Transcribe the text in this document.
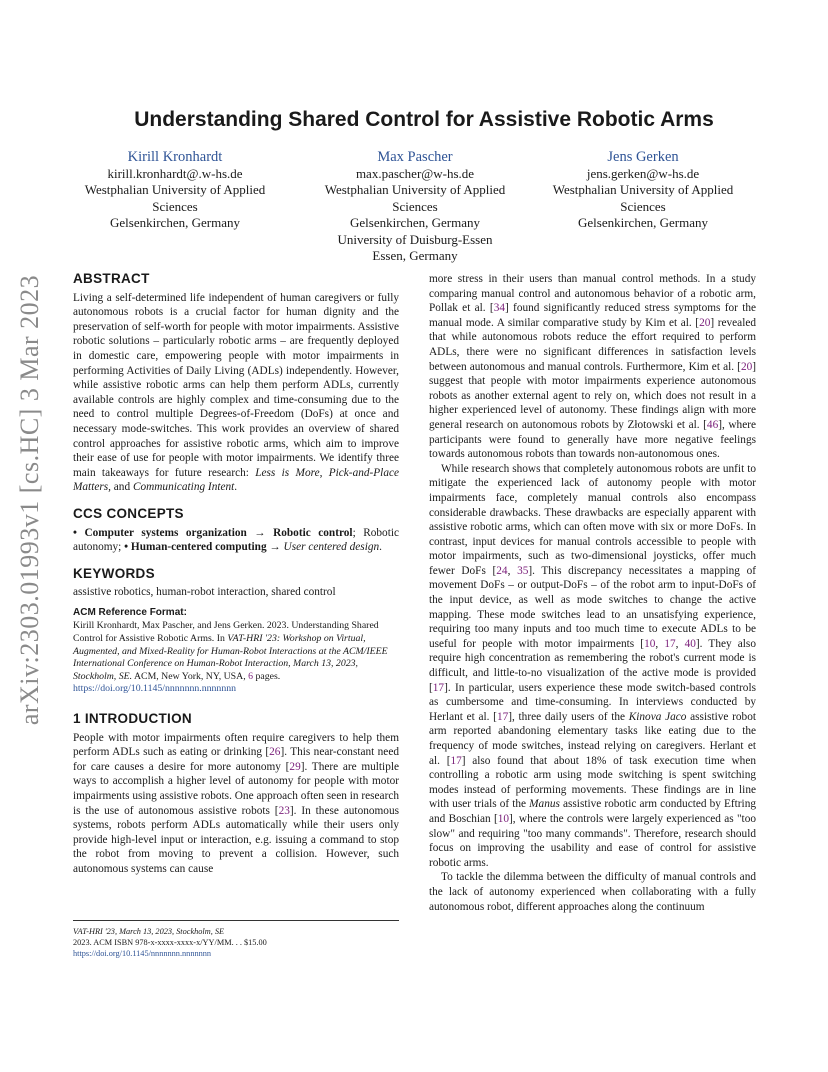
arXiv:2303.01993v1 [cs.HC] 3 Mar 2023
Understanding Shared Control for Assistive Robotic Arms
Kirill Kronhardt
kirill.kronhardt@.w-hs.de
Westphalian University of Applied
Sciences
Gelsenkirchen, Germany
Max Pascher
max.pascher@w-hs.de
Westphalian University of Applied
Sciences
Gelsenkirchen, Germany
University of Duisburg-Essen
Essen, Germany
Jens Gerken
jens.gerken@w-hs.de
Westphalian University of Applied
Sciences
Gelsenkirchen, Germany
ABSTRACT

Living a self-determined life independent of human caregivers or fully autonomous robots is a crucial factor for human dignity and the preservation of self-worth for people with motor impairments. Assistive robotic solutions – particularly robotic arms – are frequently deployed in domestic care, empowering people with motor impairments in performing Activities of Daily Living (ADLs) independently. However, while assistive robotic arms can help them perform ADLs, currently available controls are highly complex and time-consuming due to the need to control multiple Degrees-of-Freedom (DoFs) at once and necessary mode-switches. This work provides an overview of shared control approaches for assistive robotic arms, which aim to improve their ease of use for people with motor impairments. We identify three main takeaways for future research: Less is More, Pick-and-Place Matters, and Communicating Intent.

CCS CONCEPTS

• Computer systems organization → Robotic control; Robotic autonomy; • Human-centered computing → User centered design.

KEYWORDS

assistive robotics, human-robot interaction, shared control

ACM Reference Format:

Kirill Kronhardt, Max Pascher, and Jens Gerken. 2023. Understanding Shared Control for Assistive Robotic Arms. In VAT-HRI '23: Workshop on Virtual, Augmented, and Mixed-Reality for Human-Robot Interactions at the ACM/IEEE International Conference on Human-Robot Interaction, March 13, 2023, Stockholm, SE. ACM, New York, NY, USA, 6 pages. https://doi.org/10.1145/nnnnnnn.nnnnnnn

1 INTRODUCTION

People with motor impairments often require caregivers to help them perform ADLs such as eating or drinking [26]. This near-constant need for care causes a desire for more autonomy [29]. There are multiple ways to accomplish a higher level of autonomy for people with motor impairments using assistive robots. One approach often seen in research is the use of autonomous assistive robots [23]. In these autonomous systems, robots perform ADLs automatically while their users only provide high-level input or interaction, e.g. issuing a command to stop the robot from moving to prevent a collision. However, such autonomous systems can cause

VAT-HRI '23, March 13, 2023, Stockholm, SE
2023. ACM ISBN 978-x-xxxx-xxxx-x/YY/MM. . . $15.00
https://doi.org/10.1145/nnnnnnn.nnnnnnn

more stress in their users than manual control methods. In a study comparing manual control and autonomous behavior of a robotic arm, Pollak et al. [34] found significantly reduced stress symptoms for the manual mode. A similar comparative study by Kim et al. [20] revealed that while autonomous robots reduce the effort required to perform ADLs, there were no significant differences in satisfaction levels between autonomous and manual controls. Furthermore, Kim et al. [20] suggest that people with motor impairments experience autonomous robots as another external agent to rely on, which does not result in a higher experienced level of autonomy. These findings align with more general research on autonomous robots by Złotowski et al. [46], where participants were found to generally have more negative feelings towards autonomous robots than towards non-autonomous ones.

While research shows that completely autonomous robots are unfit to mitigate the experienced lack of autonomy people with motor impairments face, completely manual controls also encompass considerable drawbacks. These drawbacks are especially apparent with assistive robotic arms, which can often move with six or more DoFs. In contrast, input devices for manual controls accessible to people with motor impairments, such as two-dimensional joysticks, offer much fewer DoFs [24, 35]. This discrepancy necessitates a mapping of movement DoFs – or output-DoFs – of the robot arm to input-DoFs of the input device, as well as mode switches to change the active mapping. These mode switches lead to an unsatisfying experience, requiring too many inputs and too much time to execute ADLs to be useful for people with motor impairments [10, 17, 40]. They also require high concentration as remembering the robot's current mode is difficult, and little-to-no visualization of the active mode is provided [17]. In particular, users experience these mode switch-based controls as cumbersome and time-consuming. In interviews conducted by Herlant et al. [17], three daily users of the Kinova Jaco assistive robot arm reported abandoning elementary tasks like eating due to the frequency of mode switches, instead relying on caregivers. Herlant et al. [17] also found that about 18% of task execution time when controlling a robotic arm using mode switching is spent switching modes instead of performing movements. These findings are in line with user trials of the Manus assistive robotic arm conducted by Eftring and Boschian [10], where the controls were largely experienced as "too slow" and requiring "too many commands". Therefore, research should focus on improving the usability and ease of control for assistive robotic arms.

To tackle the dilemma between the difficulty of manual controls and the lack of autonomy experienced when collaborating with a fully autonomous robot, different approaches along the continuum
